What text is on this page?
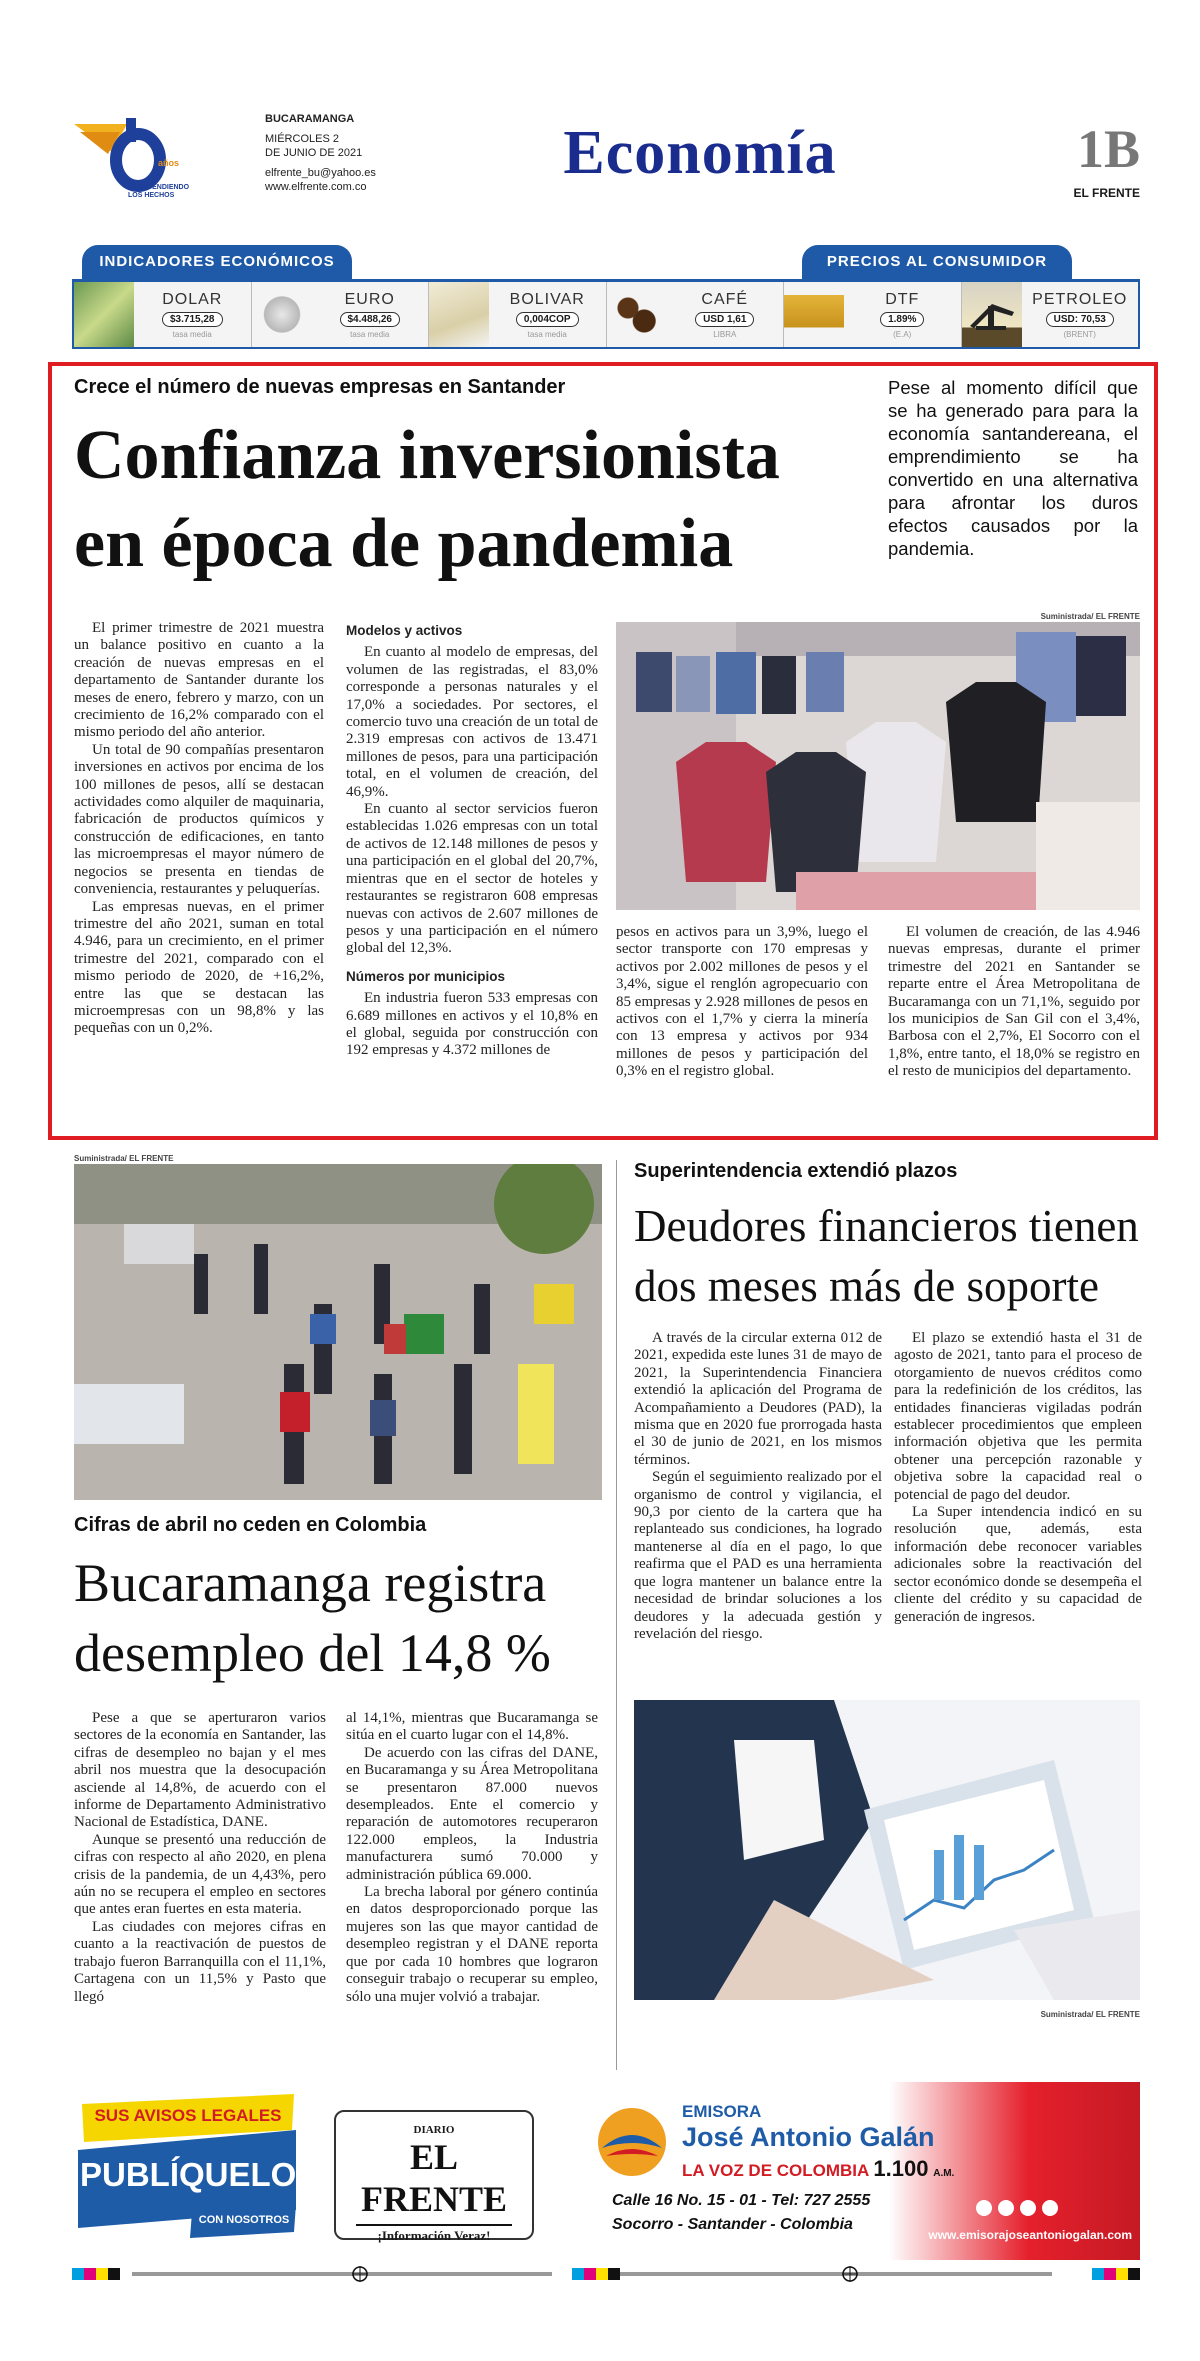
años
TRASCENDIENDO LOS HECHOS
BUCARAMANGA
MIÉRCOLES 2
DE JUNIO DE 2021
elfrente_bu@yahoo.es
www.elfrente.com.co	Economía	1B
EL FRENTE
INDICADORES ECONÓMICOS	PRECIOS AL CONSUMIDOR
DOLAR
$3.715,28
tasa media
EURO
$4.488,26
tasa media
BOLIVAR
0,004COP
tasa media
CAFÉ
USD 1,61
LIBRA
DTF
1.89%
(E.A)
PETROLEO
USD: 70,53
(BRENT)
Crece el número de nuevas empresas en Santander
Confianza inversionista
en época de pandemia
Pese al momento difícil que se ha generado para para la economía santandereana, el emprendimiento se ha convertido en una alternativa para afrontar los duros efectos causados por la pandemia.

El primer trimestre de 2021 muestra un balance positivo en cuanto a la creación de nuevas empresas en el departamento de Santander durante los meses de enero, febrero y marzo, con un crecimiento de 16,2% comparado con el mismo periodo del año anterior.

Un total de 90 compañías presentaron inversiones en activos por encima de los 100 millones de pesos, allí se destacan actividades como alquiler de maquinaria, fabricación de productos químicos y construcción de edificaciones, en tanto las microempresas el mayor número de negocios se presenta en tiendas de conveniencia, restaurantes y peluquerías.

Las empresas nuevas, en el primer trimestre del año 2021, suman en total 4.946, para un crecimiento, en el primer trimestre del 2021, comparado con el mismo periodo de 2020, de +16,2%, entre las que se destacan las microempresas con un 98,8% y las pequeñas con un 0,2%.

Modelos y activos

En cuanto al modelo de empresas, del volumen de las registradas, el 83,0% corresponde a personas naturales y el 17,0% a sociedades. Por sectores, el comercio tuvo una creación de un total de 2.319 empresas con activos de 13.471 millones de pesos, para una participación total, en el volumen de creación, del 46,9%.

En cuanto al sector servicios fueron establecidas 1.026 empresas con un total de activos de 12.148 millones de pesos y una participación en el global del 20,7%, mientras que en el sector de hoteles y restaurantes se registraron 608 empresas nuevas con activos de 2.607 millones de pesos y una participación en el número global del 12,3%.

Números por municipios

En industria fueron 533 empresas con 6.689 millones en activos y el 10,8% en el global, seguida por construcción con 192 empresas y 4.372 millones de

Suministrada/ EL FRENTE

pesos en activos para un 3,9%, luego el sector transporte con 170 empresas y activos por 2.002 millones de pesos y el 3,4%, sigue el renglón agropecuario con 85 empresas y 2.928 millones de pesos en activos con el 1,7% y cierra la minería con 13 empresa y activos por 934 millones de pesos y participación del 0,3% en el registro global.

El volumen de creación, de las 4.946 nuevas empresas, durante el primer trimestre del 2021 en Santander se reparte entre el Área Metropolitana de Bucaramanga con un 71,1%, seguido por los municipios de San Gil con el 3,4%, Barbosa con el 2,7%, El Socorro con el 1,8%, entre tanto, el 18,0% se registro en el resto de municipios del departamento.

Suministrada/ EL FRENTE
Cifras de abril no ceden en Colombia
Bucaramanga registra
desempleo del 14,8 %

Pese a que se aperturaron varios sectores de la economía en Santander, las cifras de desempleo no bajan y el mes abril nos muestra que la desocupación asciende al 14,8%, de acuerdo con el informe de Departamento Administrativo Nacional de Estadística, DANE.

Aunque se presentó una reducción de cifras con respecto al año 2020, en plena crisis de la pandemia, de un 4,43%, pero aún no se recupera el empleo en sectores que antes eran fuertes en esta materia.

Las ciudades con mejores cifras en cuanto a la reactivación de puestos de trabajo fueron Barranquilla con el 11,1%, Cartagena con un 11,5% y Pasto que llegó

al 14,1%, mientras que Bucaramanga se sitúa en el cuarto lugar con el 14,8%.

De acuerdo con las cifras del DANE, en Bucaramanga y su Área Metropolitana se presentaron 87.000 nuevos desempleados. Ente el comercio y reparación de automotores recuperaron 122.000 empleos, la Industria manufacturera sumó 70.000 y administración pública 69.000.

La brecha laboral por género continúa en datos desproporcionado porque las mujeres son las que mayor cantidad de desempleo registran y el DANE reporta que por cada 10 hombres que lograron conseguir trabajo o recuperar su empleo, sólo una mujer volvió a trabajar.

Superintendencia extendió plazos
Deudores financieros tienen
dos meses más de soporte

A través de la circular externa 012 de 2021, expedida este lunes 31 de mayo de 2021, la Superintendencia Financiera extendió la aplicación del Programa de Acompañamiento a Deudores (PAD), la misma que en 2020 fue prorrogada hasta el 30 de junio de 2021, en los mismos términos.

Según el seguimiento realizado por el organismo de control y vigilancia, el 90,3 por ciento de la cartera que ha replanteado sus condiciones, ha logrado mantenerse al día en el pago, lo que reafirma que el PAD es una herramienta que logra mantener un balance entre la necesidad de brindar soluciones a los deudores y la adecuada gestión y revelación del riesgo.

El plazo se extendió hasta el 31 de agosto de 2021, tanto para el proceso de otorgamiento de nuevos créditos como para la redefinición de los créditos, las entidades financieras vigiladas podrán establecer procedimientos que empleen información objetiva que les permita obtener una percepción razonable y objetiva sobre la capacidad real o potencial de pago del deudor.

La Super intendencia indicó en su resolución que, además, esta información debe reconocer variables adicionales sobre la reactivación del sector económico donde se desempeña el cliente del crédito y su capacidad de generación de ingresos.

Suministrada/ EL FRENTE
SUS AVISOS LEGALES
PUBLÍQUELOS
CON NOSOTROS
DIARIO
EL FRENTE
¡Información Veraz!
EMISORA
José Antonio Galán
LA VOZ DE COLOMBIA 1.100 A.M.
Calle 16 No. 15 - 01 - Tel: 727 2555
Socorro - Santander - Colombia
www.emisorajoseantoniogalan.com
